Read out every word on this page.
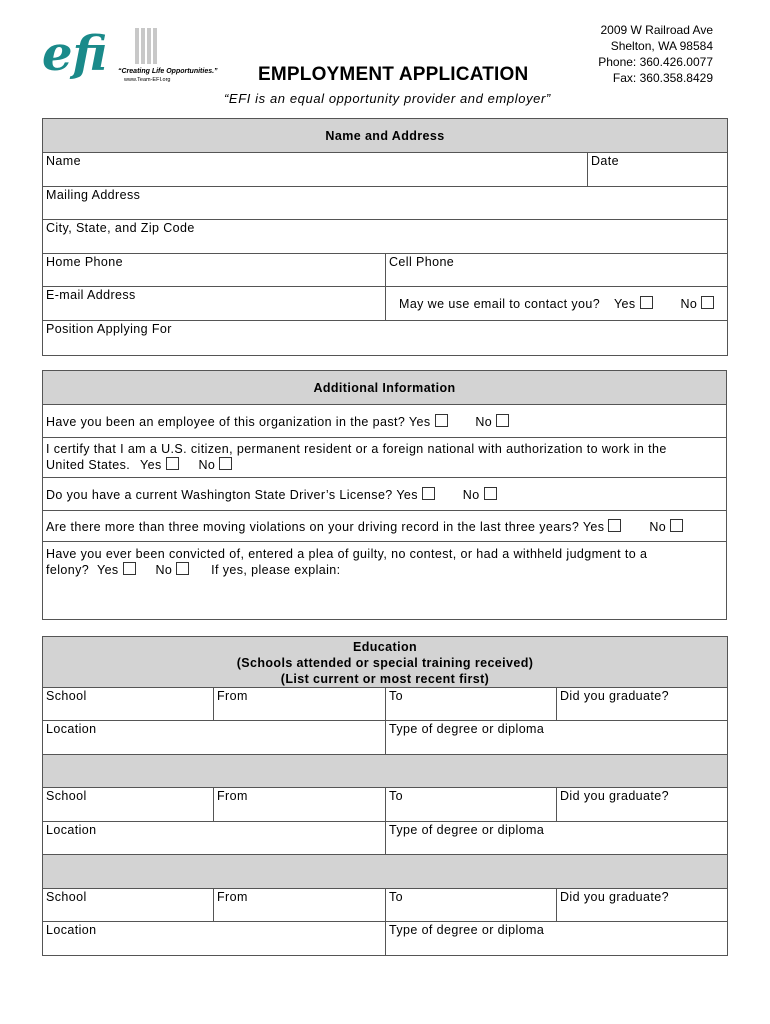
efi “Creating Life Opportunities.”
www.Team-EFI.org
2009 W Railroad Ave
Shelton, WA 98584
Phone: 360.426.0077
Fax: 360.358.8429
EMPLOYMENT APPLICATION
“EFI is an equal opportunity provider and employer”
Name and Address		

Name		Date

Mailing Address		

City, State, and Zip Code		

Home Phone	Cell Phone	

E-mail Address	May we use email to contact you? Yes No	

Position Applying For		
Additional Information
Have you been an employee of this organization in the past? Yes	No

I certify that I am a U.S. citizen, permanent resident or a foreign national with authorization to work in the
United States. Yes	No

Do you have a current Washington State Driver’s License? Yes	No
Are there more than three moving violations on your driving record in the last three years? Yes	No

Have you ever been convicted of, entered a plea of guilty, no contest, or had a withheld judgment to a
felony? Yes	No	If yes, please explain:
Education
(Schools attended or special training received)
(List current or most recent first)			

School	From	To	Did you graduate?

Location		Type of degree or diploma	

School	From	To	Did you graduate?

Location		Type of degree or diploma	

School	From	To	Did you graduate?

Location		Type of degree or diploma	
